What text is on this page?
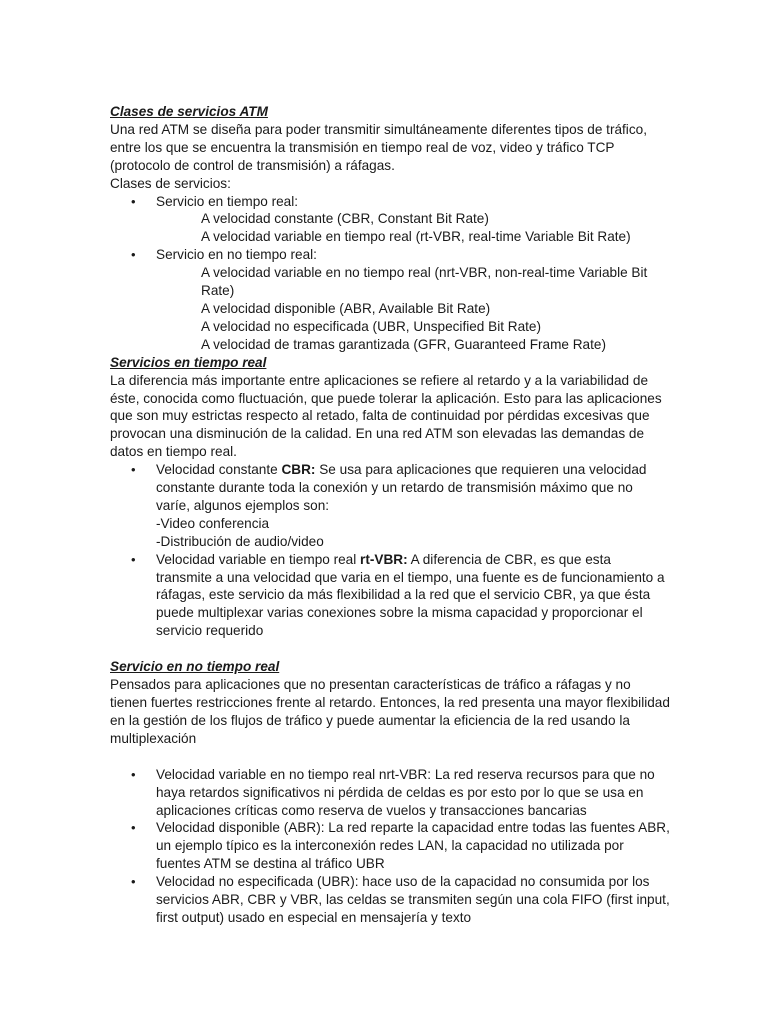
Clases de servicios ATM

Una red ATM se diseña para poder transmitir simultáneamente diferentes tipos de tráfico, entre los que se encuentra la transmisión en tiempo real de voz, video y tráfico TCP (protocolo de control de transmisión) a ráfagas.

Clases de servicios:

• Servicio en tiempo real:

A velocidad constante (CBR, Constant Bit Rate)

A velocidad variable en tiempo real (rt-VBR, real-time Variable Bit Rate)

• Servicio en no tiempo real:

A velocidad variable en no tiempo real (nrt-VBR, non-real-time Variable Bit Rate)

A velocidad disponible (ABR, Available Bit Rate)

A velocidad no especificada (UBR, Unspecified Bit Rate)

A velocidad de tramas garantizada (GFR, Guaranteed Frame Rate)

Servicios en tiempo real

La diferencia más importante entre aplicaciones se refiere al retardo y a la variabilidad de éste, conocida como fluctuación, que puede tolerar la aplicación. Esto para las aplicaciones que son muy estrictas respecto al retado, falta de continuidad por pérdidas excesivas que provocan una disminución de la calidad. En una red ATM son elevadas las demandas de datos en tiempo real.

• Velocidad constante CBR: Se usa para aplicaciones que requieren una velocidad constante durante toda la conexión y un retardo de transmisión máximo que no varíe, algunos ejemplos son:

-Video conferencia

-Distribución de audio/video

• Velocidad variable en tiempo real rt-VBR: A diferencia de CBR, es que esta transmite a una velocidad que varia en el tiempo, una fuente es de funcionamiento a ráfagas, este servicio da más flexibilidad a la red que el servicio CBR, ya que ésta puede multiplexar varias conexiones sobre la misma capacidad y proporcionar el servicio requerido

Servicio en no tiempo real

Pensados para aplicaciones que no presentan características de tráfico a ráfagas y no tienen fuertes restricciones frente al retardo. Entonces, la red presenta una mayor flexibilidad en la gestión de los flujos de tráfico y puede aumentar la eficiencia de la red usando la multiplexación

• Velocidad variable en no tiempo real nrt-VBR: La red reserva recursos para que no haya retardos significativos ni pérdida de celdas es por esto por lo que se usa en aplicaciones críticas como reserva de vuelos y transacciones bancarias
• Velocidad disponible (ABR): La red reparte la capacidad entre todas las fuentes ABR, un ejemplo típico es la interconexión redes LAN, la capacidad no utilizada por fuentes ATM se destina al tráfico UBR
• Velocidad no especificada (UBR): hace uso de la capacidad no consumida por los servicios ABR, CBR y VBR, las celdas se transmiten según una cola FIFO (first input, first output) usado en especial en mensajería y texto
